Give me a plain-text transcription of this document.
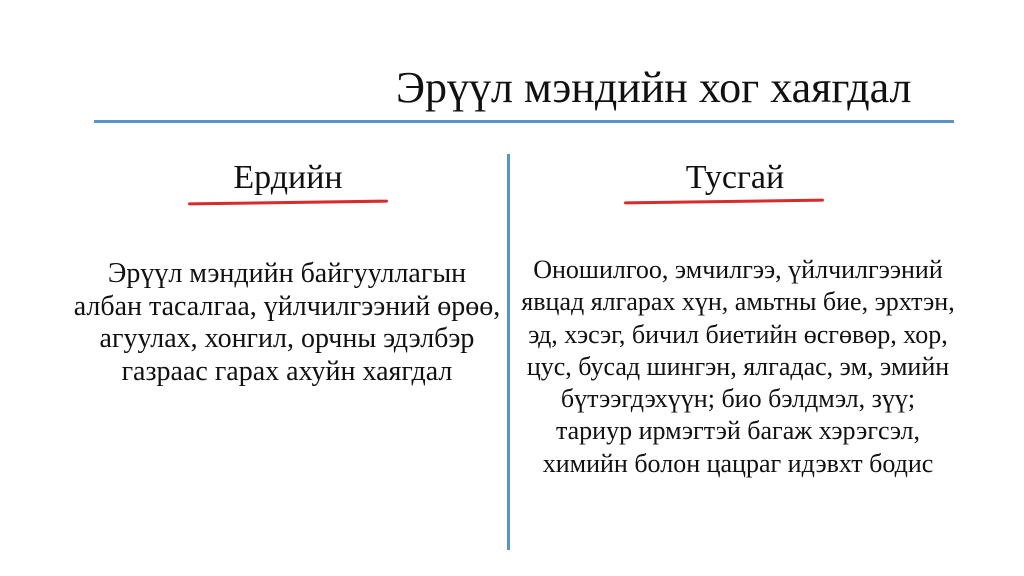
Эрүүл мэндийн хог хаягдал
Ердийн	Тусгай
Эрүүл мэндийн байгууллагын албан тасалгаа, үйлчилгээний өрөө, агуулах, хонгил, орчны эдэлбэр газраас гарах ахуйн хаягдал
Оношилгоо, эмчилгээ, үйлчилгээний явцад ялгарах хүн, амьтны бие, эрхтэн, эд, хэсэг, бичил биетийн өсгөвөр, хор, цус, бусад шингэн, ялгадас, эм, эмийн бүтээгдэхүүн; био бэлдмэл, зүү; тариур ирмэгтэй багаж хэрэгсэл, химийн болон цацраг идэвхт бодис
